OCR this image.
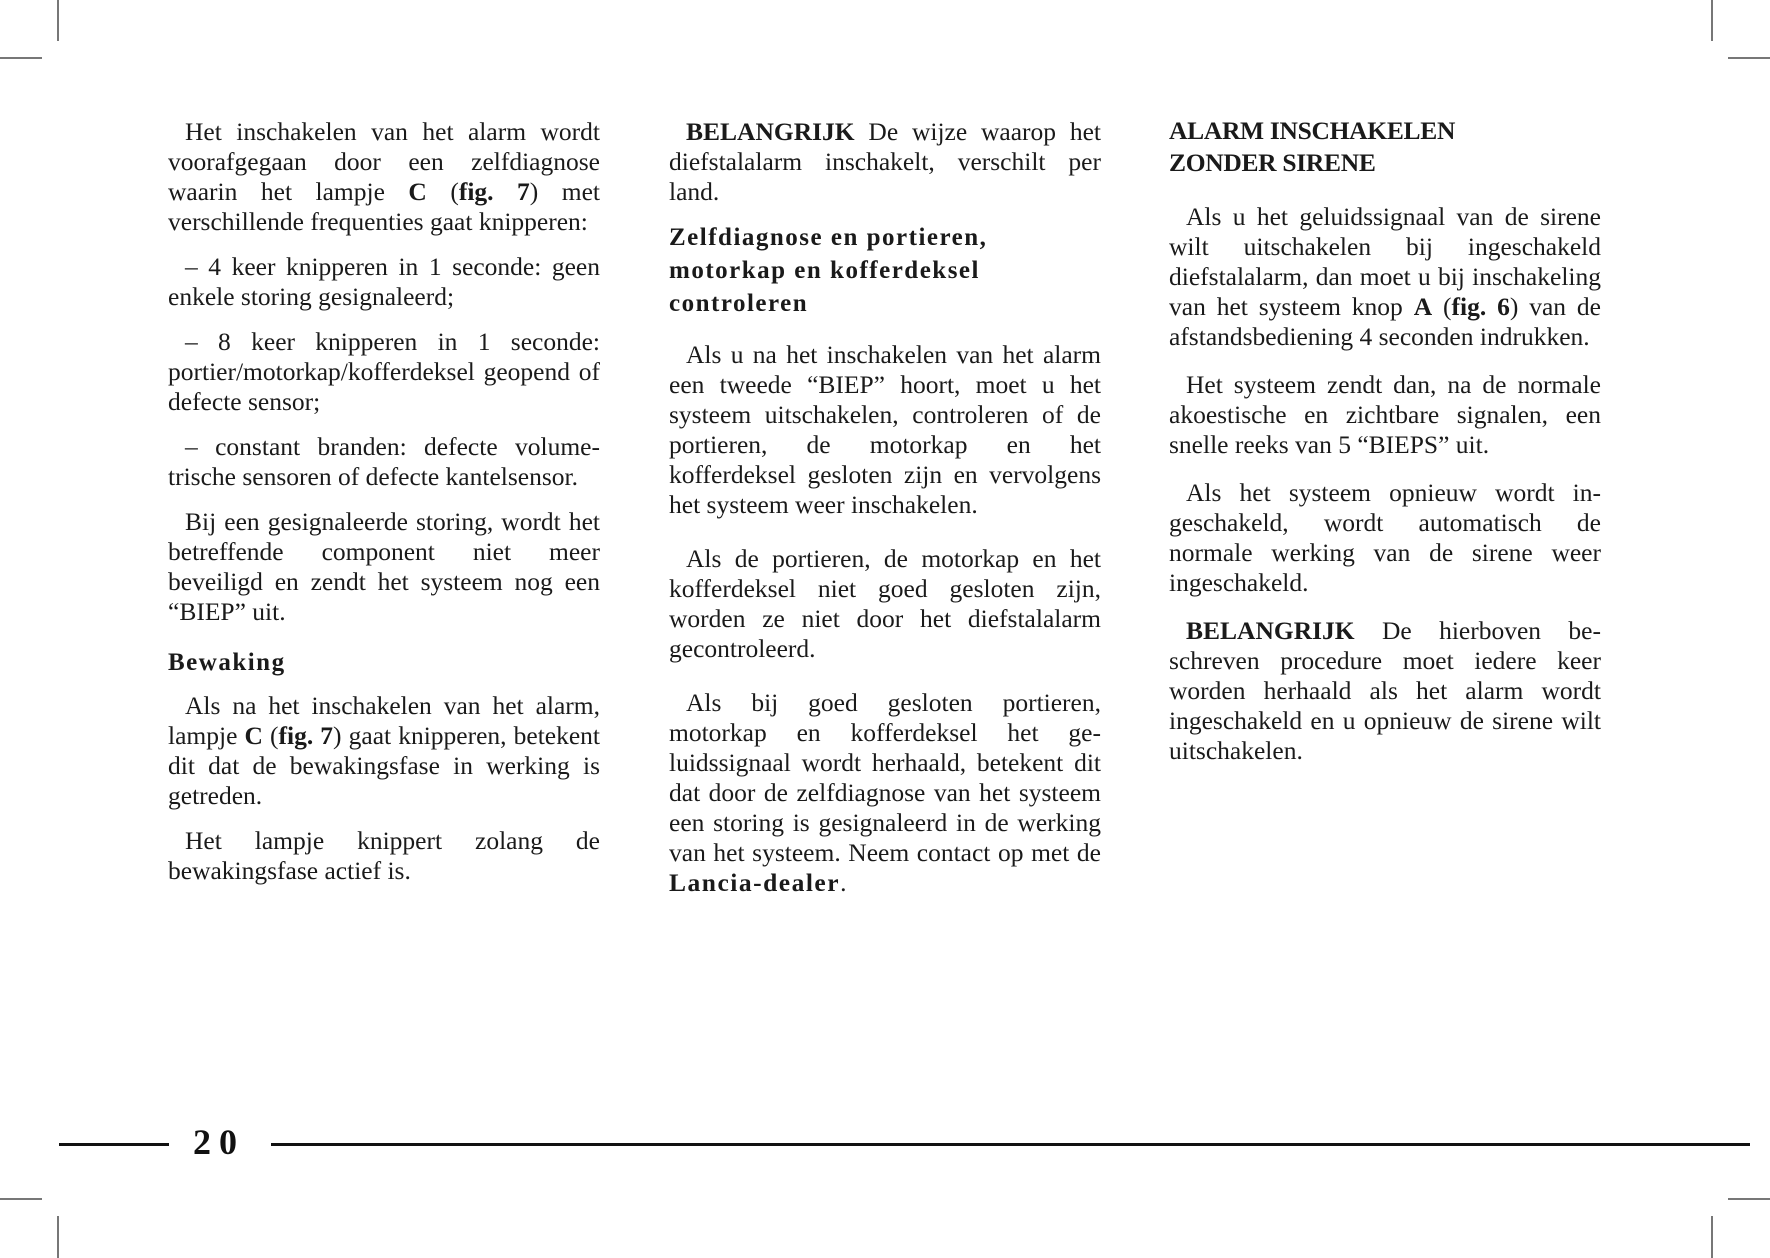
Het inschakelen van het alarm wordt voorafgegaan door een zelfdiagnose waarin het lampje C (fig. 7) met verschillende frequenties gaat knipperen:

– 4 keer knipperen in 1 seconde: geen enkele storing gesignaleerd;

– 8 keer knipperen in 1 seconde: portier/motorkap/kofferdeksel geopend of defecte sensor;

– constant branden: defecte volumetrische sensoren of defecte kantelsensor.

Bij een gesignaleerde storing, wordt het betreffende component niet meer beveiligd en zendt het systeem nog een “BIEP” uit.

Bewaking

Als na het inschakelen van het alarm, lampje C (fig. 7) gaat knipperen, betekent dit dat de bewakingsfase in werking is getreden.

Het lampje knippert zolang de bewakingsfase actief is.

BELANGRIJK De wijze waarop het diefstalalarm inschakelt, verschilt per land.

Zelfdiagnose en portieren, motorkap en kofferdeksel controleren

Als u na het inschakelen van het alarm een tweede “BIEP” hoort, moet u het systeem uitschakelen, controleren of de portieren, de motorkap en het kofferdeksel gesloten zijn en vervolgens het systeem weer inschakelen.

Als de portieren, de motorkap en het kofferdeksel niet goed gesloten zijn, worden ze niet door het diefstalalarm gecontroleerd.

Als bij goed gesloten portieren, motorkap en kofferdeksel het geluidssignaal wordt herhaald, betekent dit dat door de zelfdiagnose van het systeem een storing is gesignaleerd in de werking van het systeem. Neem contact op met de Lancia-dealer.

ALARM INSCHAKELEN
ZONDER SIRENE

Als u het geluidssignaal van de sirene wilt uitschakelen bij ingeschakeld diefstalalarm, dan moet u bij inschakeling van het systeem knop A (fig. 6) van de afstandsbediening 4 seconden indrukken.

Het systeem zendt dan, na de normale akoestische en zichtbare signalen, een snelle reeks van 5 “BIEPS” uit.

Als het systeem opnieuw wordt ingeschakeld, wordt automatisch de normale werking van de sirene weer ingeschakeld.

BELANGRIJK De hierboven beschreven procedure moet iedere keer worden herhaald als het alarm wordt ingeschakeld en u opnieuw de sirene wilt uitschakelen.

20
